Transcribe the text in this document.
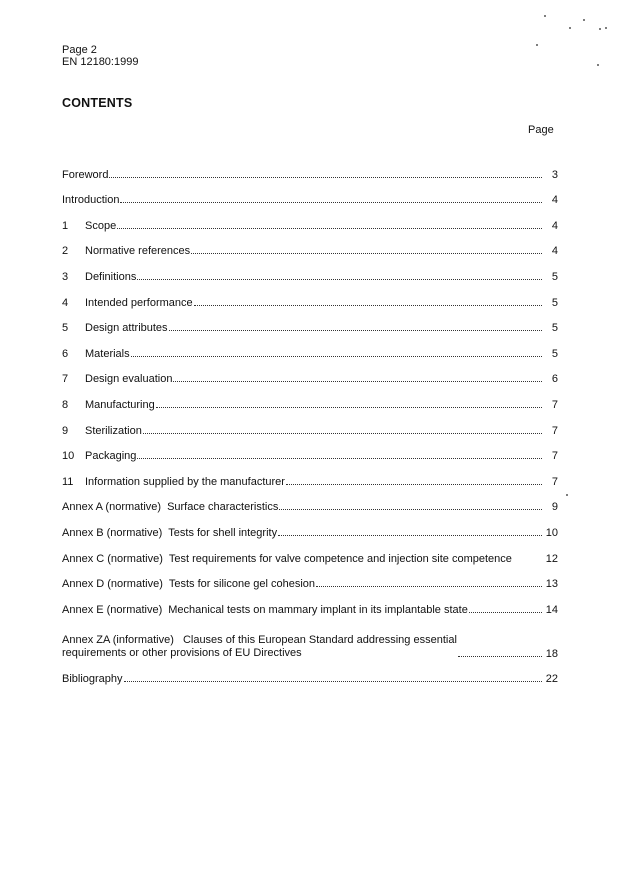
Page 2
EN 12180:1999
CONTENTS
Page
Foreword	3
Introduction	4
1	Scope	4
2	Normative references	4
3	Definitions	5
4	Intended performance	5
5	Design attributes	5
6	Materials	5
7	Design evaluation	6
8	Manufacturing	7
9	Sterilization	7
10 Packaging	7
11	Information supplied by the manufacturer	7
Annex A (normative) Surface characteristics	9
Annex B (normative) Tests for shell integrity	10
Annex C (normative) Test requirements for valve competence and injection site competence	12
Annex D (normative) Tests for silicone gel cohesion	13
Annex E (normative) Mechanical tests on mammary implant in its implantable state	14
Annex ZA (informative) Clauses of this European Standard addressing essential
requirements or other provisions of EU Directives	18
Bibliography	22
